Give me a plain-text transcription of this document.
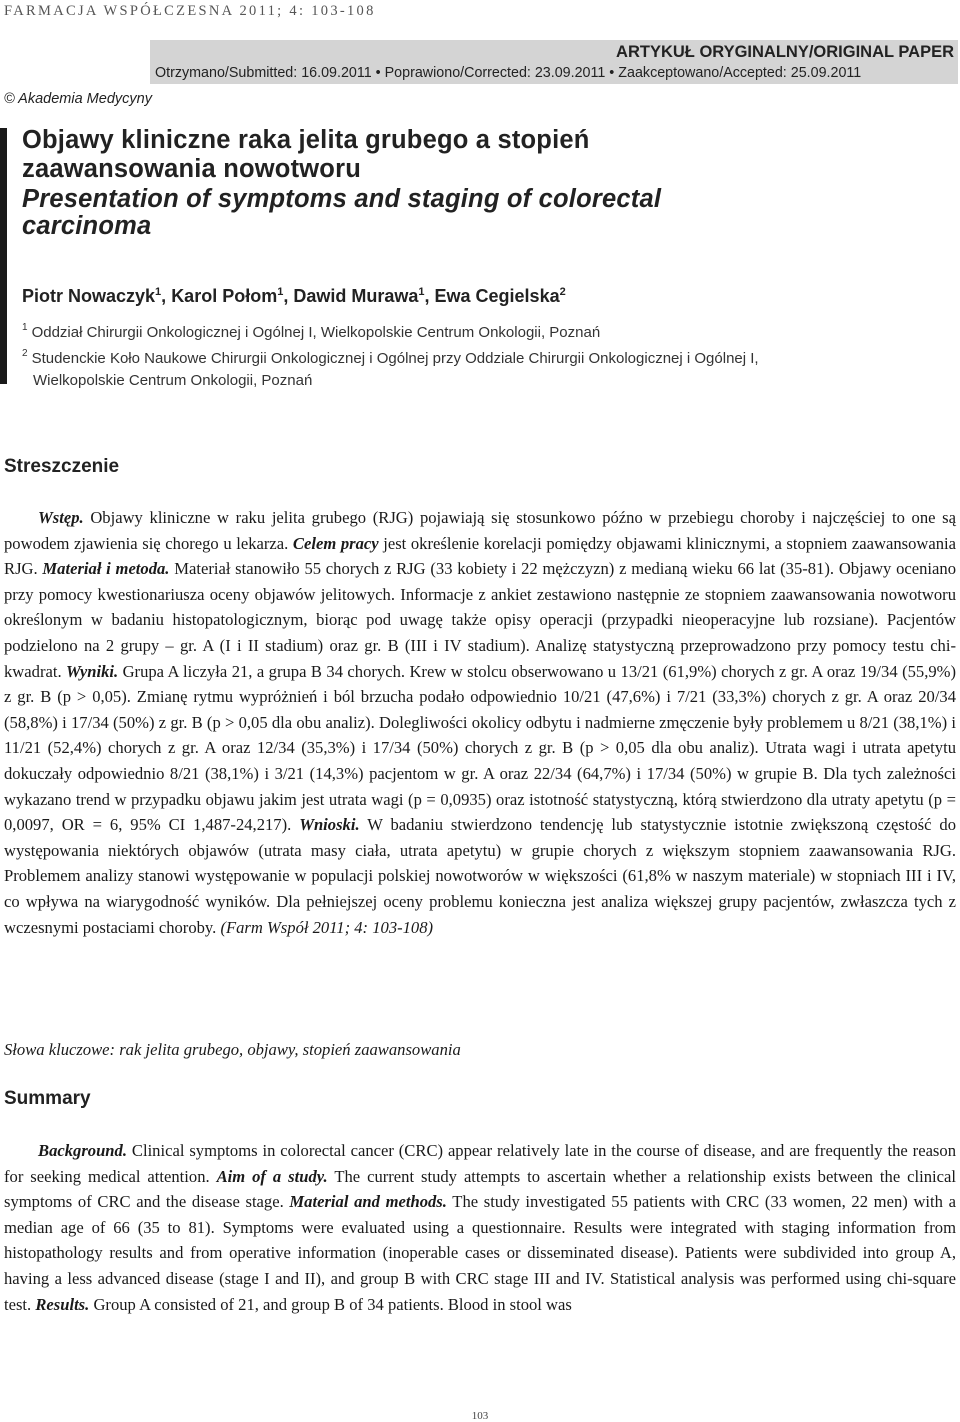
FARMACJA WSPÓŁCZESNA 2011; 4: 103-108
ARTYKUŁ ORYGINALNY/ORIGINAL PAPER
Otrzymano/Submitted: 16.09.2011 • Poprawiono/Corrected: 23.09.2011 • Zaakceptowano/Accepted: 25.09.2011
© Akademia Medycyny
Objawy kliniczne raka jelita grubego a stopień
zaawansowania nowotworu
Presentation of symptoms and staging of colorectal
carcinoma
Piotr Nowaczyk$^1$, Karol Połom$^1$, Dawid Murawa$^1$, Ewa Cegielska$^2$
$^1$ Oddział Chirurgii Onkologicznej i Ogólnej I, Wielkopolskie Centrum Onkologii, Poznań
$^2$ Studenckie Koło Naukowe Chirurgii Onkologicznej i Ogólnej przy Oddziale Chirurgii Onkologicznej i Ogólnej I,
Wielkopolskie Centrum Onkologii, Poznań
Streszczenie

Wstęp. Objawy kliniczne w raku jelita grubego (RJG) pojawiają się stosunkowo późno w przebiegu choroby i najczęściej to one są powodem zjawienia się chorego u lekarza. Celem pracy jest określenie korelacji pomiędzy objawami klinicznymi, a stopniem zaawansowania RJG. Materiał i metoda. Materiał stanowiło 55 chorych z RJG (33 kobiety i 22 mężczyzn) z medianą wieku 66 lat (35-81). Objawy oceniano przy pomocy kwestionariusza oceny objawów jelitowych. Informacje z ankiet zestawiono następnie ze stopniem zaawansowania nowotworu określonym w badaniu histopatologicznym, biorąc pod uwagę także opisy operacji (przypadki nieoperacyjne lub rozsiane). Pacjentów podzielono na 2 grupy – gr. A (I i II stadium) oraz gr. B (III i IV stadium). Analizę statystyczną przeprowadzono przy pomocy testu chi-kwadrat. Wyniki. Grupa A liczyła 21, a grupa B 34 chorych. Krew w stolcu obserwowano u 13/21 (61,9%) chorych z gr. A oraz 19/34 (55,9%) z gr. B (p > 0,05). Zmianę rytmu wypróżnień i ból brzucha podało odpowiednio 10/21 (47,6%) i 7/21 (33,3%) chorych z gr. A oraz 20/34 (58,8%) i 17/34 (50%) z gr. B (p > 0,05 dla obu analiz). Dolegliwości okolicy odbytu i nadmierne zmęczenie były problemem u 8/21 (38,1%) i 11/21 (52,4%) chorych z gr. A oraz 12/34 (35,3%) i 17/34 (50%) chorych z gr. B (p > 0,05 dla obu analiz). Utrata wagi i utrata apetytu dokuczały odpowiednio 8/21 (38,1%) i 3/21 (14,3%) pacjentom w gr. A oraz 22/34 (64,7%) i 17/34 (50%) w grupie B. Dla tych zależności wykazano trend w przypadku objawu jakim jest utrata wagi (p = 0,0935) oraz istotność statystyczną, którą stwierdzono dla utraty apetytu (p = 0,0097, OR = 6, 95% CI 1,487-24,217). Wnioski. W badaniu stwierdzono tendencję lub statystycznie istotnie zwiększoną częstość do występowania niektórych objawów (utrata masy ciała, utrata apetytu) w grupie chorych z większym stopniem zaawansowania RJG. Problemem analizy stanowi występowanie w populacji polskiej nowotworów w większości (61,8% w naszym materiale) w stopniach III i IV, co wpływa na wiarygodność wyników. Dla pełniejszej oceny problemu konieczna jest analiza większej grupy pacjentów, zwłaszcza tych z wczesnymi postaciami choroby. (Farm Współ 2011; 4: 103-108)

Słowa kluczowe: rak jelita grubego, objawy, stopień zaawansowania
Summary

Background. Clinical symptoms in colorectal cancer (CRC) appear relatively late in the course of disease, and are frequently the reason for seeking medical attention. Aim of a study. The current study attempts to ascertain whether a relationship exists between the clinical symptoms of CRC and the disease stage. Material and methods. The study investigated 55 patients with CRC (33 women, 22 men) with a median age of 66 (35 to 81). Symptoms were evaluated using a questionnaire. Results were integrated with staging information from histopathology results and from operative information (inoperable cases or disseminated disease). Patients were subdivided into group A, having a less advanced disease (stage I and II), and group B with CRC stage III and IV. Statistical analysis was performed using chi-square test. Results. Group A consisted of 21, and group B of 34 patients. Blood in stool was

103
